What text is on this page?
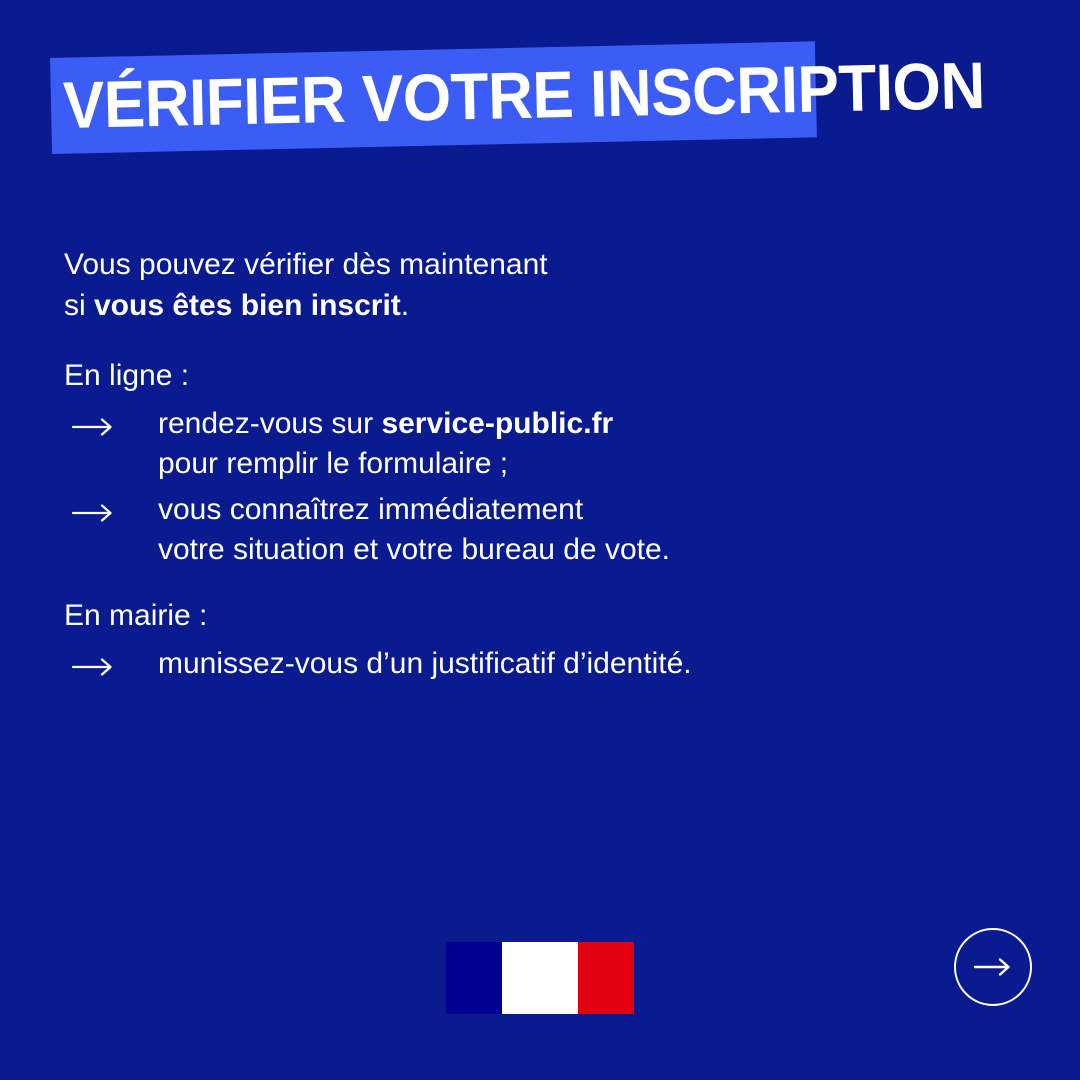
VÉRIFIER VOTRE INSCRIPTION

Vous pouvez vérifier dès maintenant

si vous êtes bien inscrit.

En ligne :

rendez-vous sur service-public.fr
pour remplir le formulaire ;
vous connaîtrez immédiatement
votre situation et votre bureau de vote.

En mairie :

munissez-vous d’un justificatif d’identité.
